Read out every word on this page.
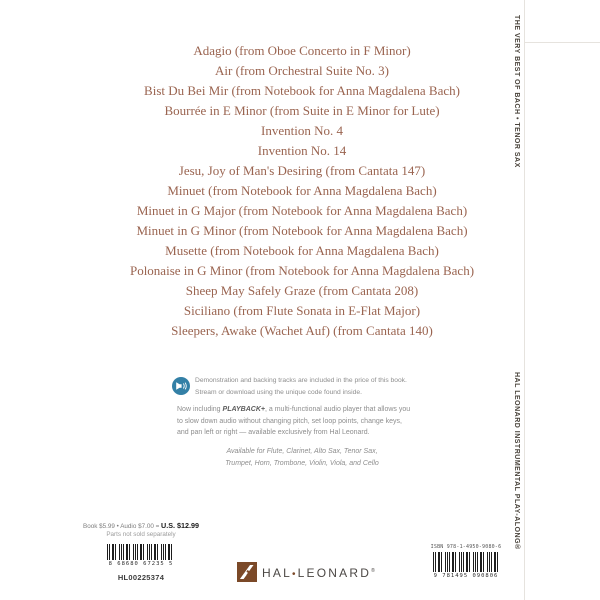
Adagio (from Oboe Concerto in F Minor)
Air (from Orchestral Suite No. 3)
Bist Du Bei Mir (from Notebook for Anna Magdalena Bach)
Bourrée in E Minor (from Suite in E Minor for Lute)
Invention No. 4
Invention No. 14
Jesu, Joy of Man's Desiring (from Cantata 147)
Minuet (from Notebook for Anna Magdalena Bach)
Minuet in G Major (from Notebook for Anna Magdalena Bach)
Minuet in G Minor (from Notebook for Anna Magdalena Bach)
Musette (from Notebook for Anna Magdalena Bach)
Polonaise in G Minor (from Notebook for Anna Magdalena Bach)
Sheep May Safely Graze (from Cantata 208)
Siciliano (from Flute Sonata in E-Flat Major)
Sleepers, Awake (Wachet Auf) (from Cantata 140)
Demonstration and backing tracks are included in the price of this book.
Stream or download using the unique code found inside.
Now including PLAYBACK+, a multi-functional audio player that allows you
to slow down audio without changing pitch, set loop points, change keys,
and pan left or right — available exclusively from Hal Leonard.
Available for Flute, Clarinet, Alto Sax, Tenor Sax,
Trumpet, Horn, Trombone, Violin, Viola, and Cello
THE VERY BEST OF BACH • TENOR SAX
HAL LEONARD INSTRUMENTAL PLAY-ALONG®
Book $5.99 • Audio $7.00 = U.S. $12.99
Parts not sold separately
8 68680 67235 5
HL00225374	HAL•LEONARD®
ISBN 978-1-4950-9080-6
9 781495 090806
